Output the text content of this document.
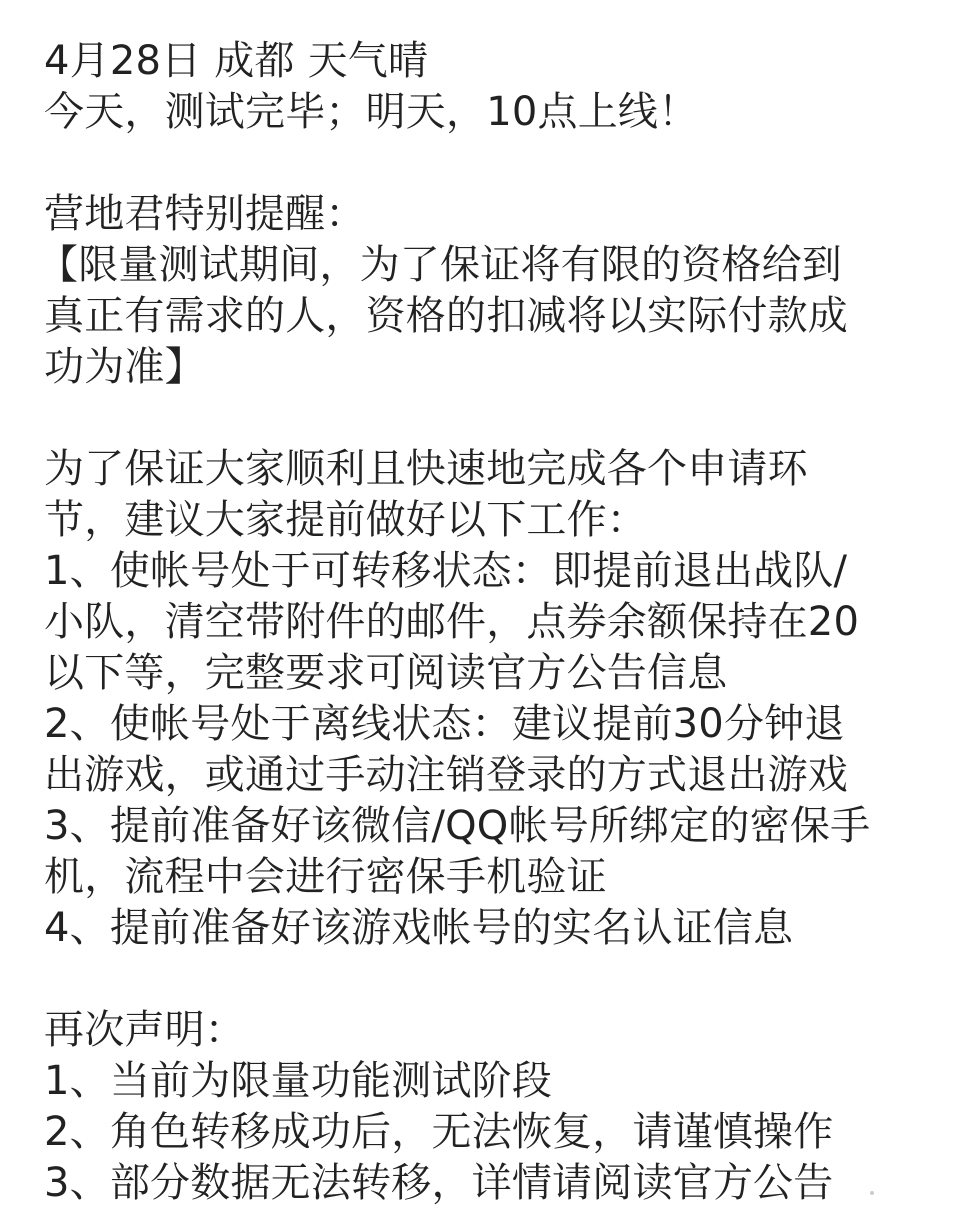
4月28日 成都 天气晴
今天，测试完毕；明天，10点上线！
营地君特别提醒：
【限量测试期间，为了保证将有限的资格给到
真正有需求的人，资格的扣减将以实际付款成
功为准】
为了保证大家顺利且快速地完成各个申请环
节，建议大家提前做好以下工作：
1、使帐号处于可转移状态：即提前退出战队/
小队，清空带附件的邮件，点券余额保持在20
以下等，完整要求可阅读官方公告信息
2、使帐号处于离线状态：建议提前30分钟退
出游戏，或通过手动注销登录的方式退出游戏
3、提前准备好该微信/QQ帐号所绑定的密保手
机，流程中会进行密保手机验证
4、提前准备好该游戏帐号的实名认证信息
再次声明：
1、当前为限量功能测试阶段
2、角色转移成功后，无法恢复，请谨慎操作
3、部分数据无法转移，详情请阅读官方公告
